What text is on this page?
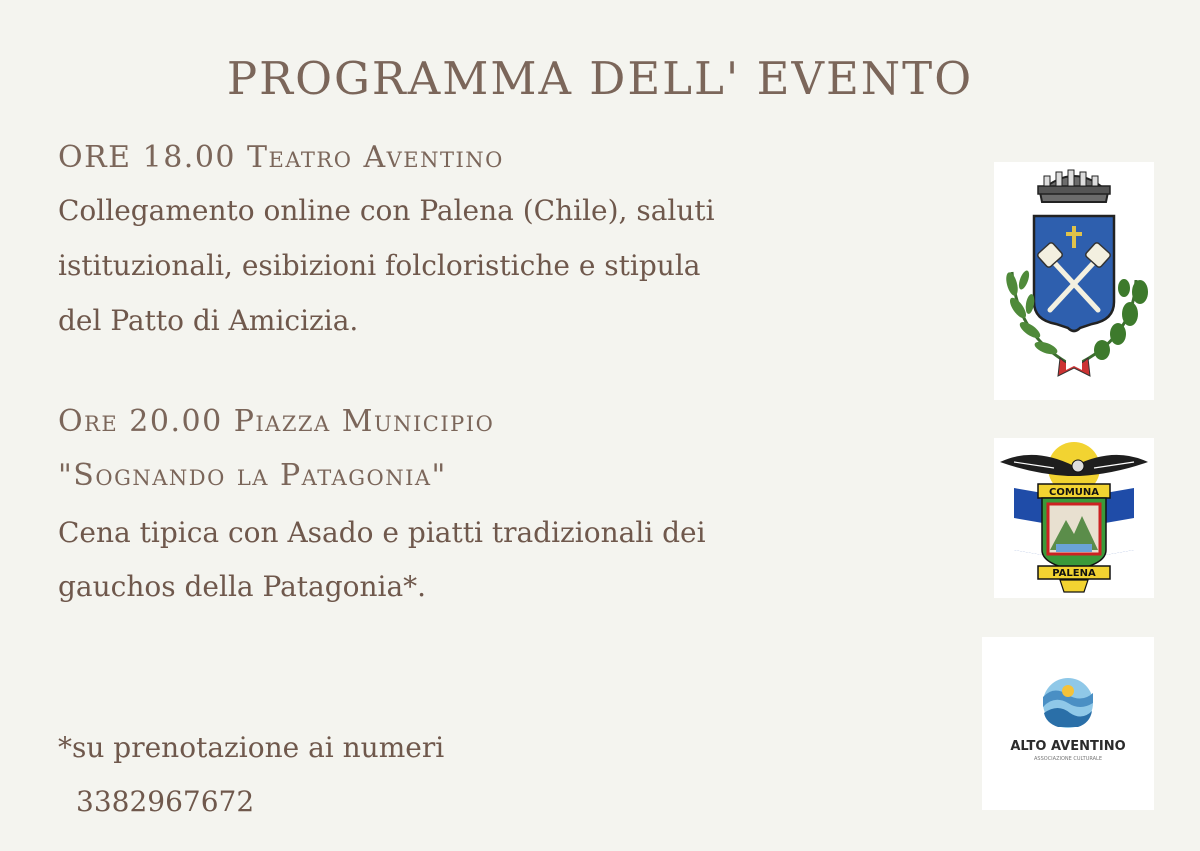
PROGRAMMA DELL' EVENTO
ORE 18.00 Teatro Aventino
Collegamento online con Palena (Chile), saluti
istituzionali, esibizioni folcloristiche e stipula
del Patto di Amicizia.
Ore 20.00 Piazza Municipio
"Sognando la Patagonia"
Cena tipica con Asado e piatti tradizionali dei
gauchos della Patagonia*.
*su prenotazione ai numeri
3382967672
COMUNA
PALENA
ALTO AVENTINO
ASSOCIAZIONE CULTURALE
